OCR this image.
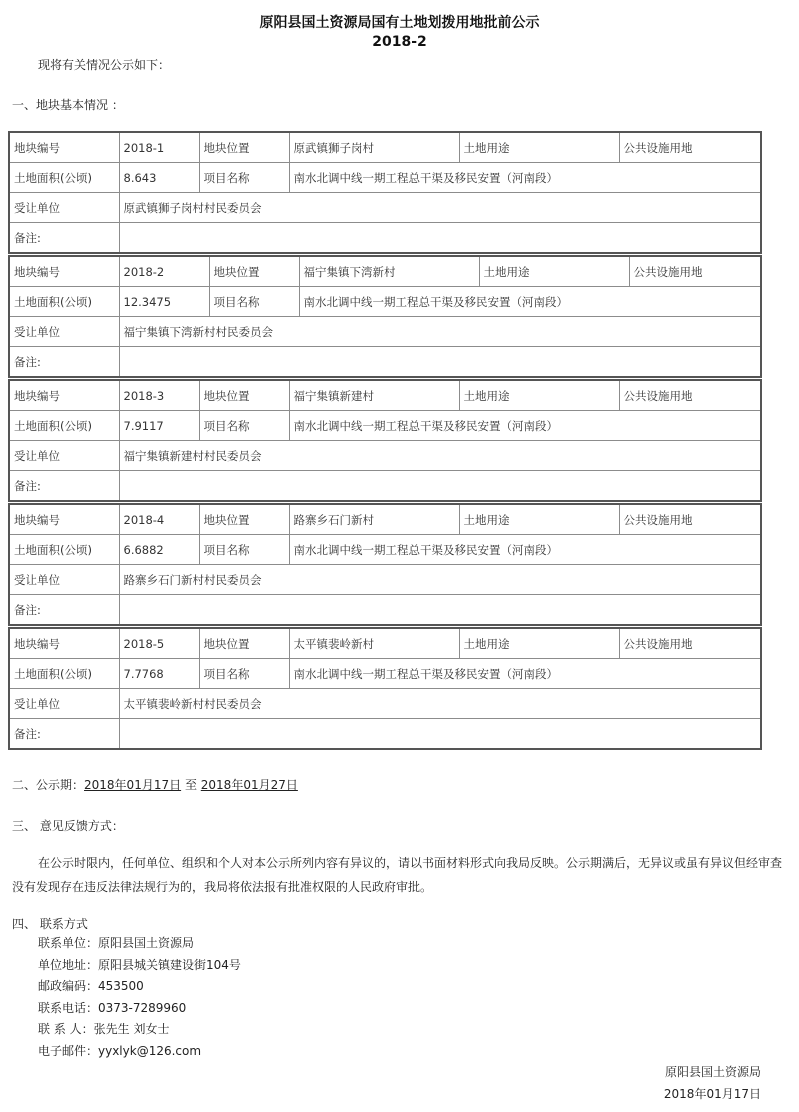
原阳县国土资源局国有土地划拨用地批前公示
2018-2
现将有关情况公示如下：
一、地块基本情况 ：
地块编号	2018-1	地块位置	原武镇狮子岗村	土地用途	公共设施用地
土地面积(公顷)	8.643	项目名称	南水北调中线一期工程总干渠及移民安置（河南段）		
受让单位	原武镇狮子岗村村民委员会				
备注:					
地块编号	2018-2	地块位置	福宁集镇下湾新村	土地用途	公共设施用地
土地面积(公顷)	12.3475	项目名称	南水北调中线一期工程总干渠及移民安置（河南段）		
受让单位	福宁集镇下湾新村村民委员会				
备注:					
地块编号	2018-3	地块位置	福宁集镇新建村	土地用途	公共设施用地
土地面积(公顷)	7.9117	项目名称	南水北调中线一期工程总干渠及移民安置（河南段）		
受让单位	福宁集镇新建村村民委员会				
备注:					
地块编号	2018-4	地块位置	路寨乡石门新村	土地用途	公共设施用地
土地面积(公顷)	6.6882	项目名称	南水北调中线一期工程总干渠及移民安置（河南段）		
受让单位	路寨乡石门新村村民委员会				
备注:					
地块编号	2018-5	地块位置	太平镇裴岭新村	土地用途	公共设施用地
土地面积(公顷)	7.7768	项目名称	南水北调中线一期工程总干渠及移民安置（河南段）		
受让单位	太平镇裴岭新村村民委员会				
备注:					
二、公示期：2018年01月17日 至 2018年01月27日
三、 意见反馈方式：
在公示时限内，任何单位、组织和个人对本公示所列内容有异议的，请以书面材料形式向我局反映。公示期满后，无异议或虽有异议但经审查没有发现存在违反法律法规行为的，我局将依法报有批准权限的人民政府审批。
四、 联系方式
联系单位：原阳县国土资源局
单位地址：原阳县城关镇建设街104号
邮政编码：453500
联系电话：0373-7289960
联 系 人：张先生 刘女士
电子邮件：yyxlyk@126.com
原阳县国土资源局
2018年01月17日
